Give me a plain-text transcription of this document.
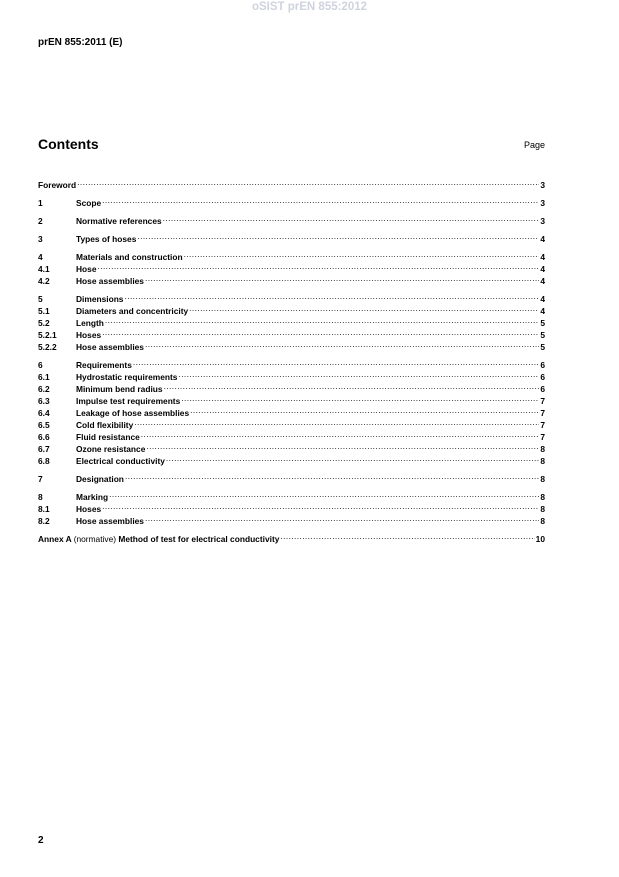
oSIST prEN 855:2012
prEN 855:2011 (E)
Contents	Page
Foreword .....	3
1	Scope .....	3
2	Normative references .....	3
3	Types of hoses .....	4
4	Materials and construction .....	4
4.1	Hose .....	4
4.2	Hose assemblies .....	4
5	Dimensions .....	4
5.1	Diameters and concentricity .....	4
5.2	Length .....	5
5.2.1	Hoses .....	5
5.2.2	Hose assemblies .....	5
6	Requirements .....	6
6.1	Hydrostatic requirements .....	6
6.2	Minimum bend radius .....	6
6.3	Impulse test requirements .....	7
6.4	Leakage of hose assemblies .....	7
6.5	Cold flexibility .....	7
6.6	Fluid resistance .....	7
6.7	Ozone resistance .....	8
6.8	Electrical conductivity .....	8
7	Designation .....	8
8	Marking .....	8
8.1	Hoses .....	8
8.2	Hose assemblies .....	8
Annex A (normative) Method of test for electrical conductivity .....	10
2
